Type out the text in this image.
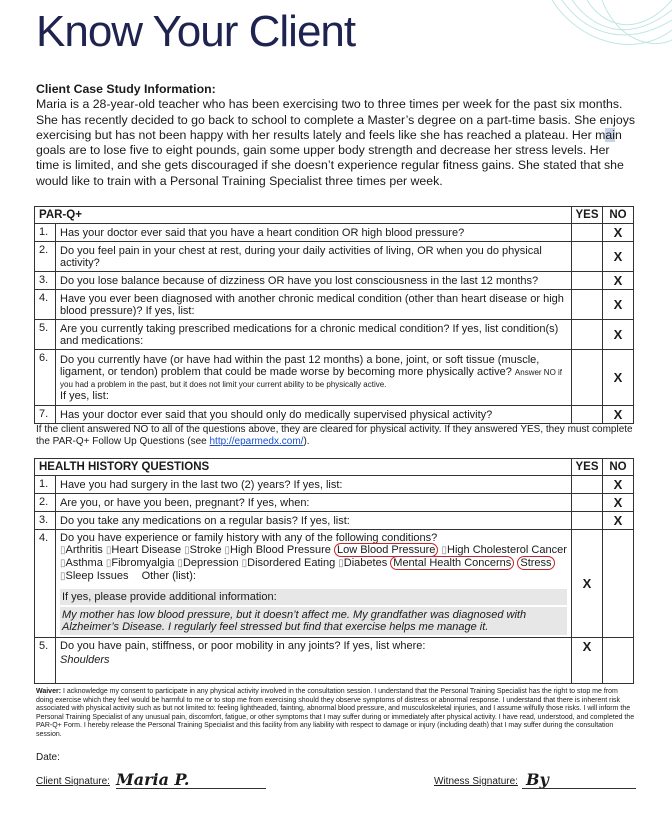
Know Your Client
Client Case Study Information:

Maria is a 28-year-old teacher who has been exercising two to three times per week for the past six months. She has recently decided to go back to school to complete a Master’s degree on a part-time basis. She enjoys exercising but has not been happy with her results lately and feels like she has reached a plateau. Her main goals are to lose five to eight pounds, gain some upper body strength and decrease her stress levels. Her time is limited, and she gets discouraged if she doesn’t experience regular fitness gains. She stated that she would like to train with a Personal Training Specialist three times per week.

PAR-Q+		YES	NO
1.	Has your doctor ever said that you have a heart condition OR high blood pressure?		X
2.	Do you feel pain in your chest at rest, during your daily activities of living, OR when you do physical activity?		X
3.	Do you lose balance because of dizziness OR have you lost consciousness in the last 12 months?		X
4.	Have you ever been diagnosed with another chronic medical condition (other than heart disease or high blood pressure)? If yes, list:		X
5.	Are you currently taking prescribed medications for a chronic medical condition? If yes, list condition(s) and medications:		X
6.	Do you currently have (or have had within the past 12 months) a bone, joint, or soft tissue (muscle, ligament, or tendon) problem that could be made worse by becoming more physically active? Answer NO if you had a problem in the past, but it does not limit your current ability to be physically active.
If yes, list:		X
7.	Has your doctor ever said that you should only do medically supervised physical activity?		X

If the client answered NO to all of the questions above, they are cleared for physical activity. If they answered YES, they must complete the PAR-Q+ Follow Up Questions (see http://eparmedx.com/).

HEALTH HISTORY QUESTIONS		YES	NO
1.	Have you had surgery in the last two (2) years? If yes, list:		X
2.	Are you, or have you been, pregnant? If yes, when:		X
3.	Do you take any medications on a regular basis? If yes, list:		X
4.	Do you have experience or family history with any of the following conditions?
▯Arthritis ▯Heart Disease ▯Stroke ▯High Blood Pressure Low Blood Pressure ▯High Cholesterol Cancer ▯Asthma ▯Fibromyalgia ▯Depression ▯Disordered Eating ▯Diabetes Mental Health Concerns Stress ▯Sleep Issues Other (list):
If yes, please provide additional information:
My mother has low blood pressure, but it doesn’t affect me. My grandfather was diagnosed with Alzheimer’s Disease. I regularly feel stressed but find that exercise helps me manage it.	X	
5.	Do you have pain, stiffness, or poor mobility in any joints? If yes, list where:
Shoulders	X	

Waiver: I acknowledge my consent to participate in any physical activity involved in the consultation session. I understand that the Personal Training Specialist has the right to stop me from doing exercise which they feel would be harmful to me or to stop me from exercising should they observe symptoms of distress or abnormal response. I understand that there is inherent risk associated with physical activity such as but not limited to: feeling lightheaded, fainting, abnormal blood pressure, and musculoskeletal injuries, and I assume wilfully those risks. I will inform the Personal Training Specialist of any unusual pain, discomfort, fatigue, or other symptoms that I may suffer during or immediately after physical activity. I have read, understood, and completed the PAR-Q+ Form. I hereby release the Personal Training Specialist and this facility from any liability with respect to damage or injury (including death) that I may suffer during the consultation session.

Date:
Client Signature: Maria P.	Witness Signature: By
